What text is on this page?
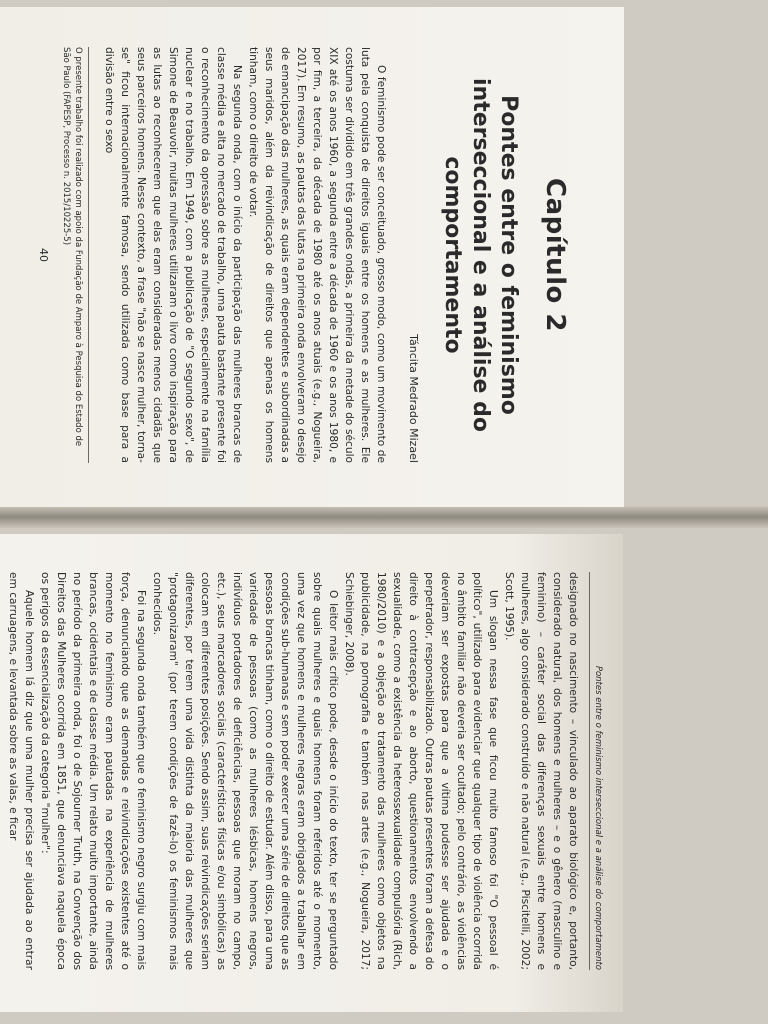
Capítulo 2
Pontes entre o feminismo
interseccional e a análise do
comportamento
Táncita Medrado Mizael

O feminismo pode ser conceituado, grosso modo, como um movimento de luta pela conquista de direitos iguais entre os homens e as mulheres. Ele costuma ser dividido em três grandes ondas, a primeira da metade do século XIX até os anos 1960, a segunda entre a década de 1960 e os anos 1980, e por fim, a terceira, da década de 1980 até os anos atuais (e.g., Nogueira, 2017). Em resumo, as pautas das lutas na primeira onda envolveram o desejo de emancipação das mulheres, as quais eram dependentes e subordinadas a seus maridos, além da reivindicação de direitos que apenas os homens tinham, como o direito de votar.

Na segunda onda, com o início da participação das mulheres brancas de classe média e alta no mercado de trabalho, uma pauta bastante presente foi o reconhecimento da opressão sobre as mulheres, especialmente na família nuclear e no trabalho. Em 1949, com a publicação de "O segundo sexo", de Simone de Beauvoir, muitas mulheres utilizaram o livro como inspiração para as lutas ao reconhecerem que elas eram consideradas menos cidadãs que seus parceiros homens. Nesse contexto, a frase "não se nasce mulher, torna-se" ficou internacionalmente famosa, sendo utilizada como base para a divisão entre o sexo

O presente trabalho foi realizado com apoio da Fundação de Amparo à Pesquisa do Estado de São Paulo (FAPESP, Processo n. 2015/10225-5)
40
Pontes entre o feminismo interseccional e a análise do comportamento

designado no nascimento – vinculado ao aparato biológico e, portanto, considerado natural, dos homens e mulheres – e o gênero (masculino e feminino) – caráter social das diferenças sexuais entre homens e mulheres, algo considerado construído e não natural (e.g., Piscitelli, 2002; Scott, 1995).

Um slogan nessa fase que ficou muito famoso foi "O pessoal é político", utilizado para evidenciar que qualquer tipo de violência ocorrida no âmbito familiar não deveria ser ocultado; pelo contrário, as violências deveriam ser expostas para que a vítima pudesse ser ajudada e o perpetrador, responsabilizado. Outras pautas presentes foram a defesa do direito à contracepção e ao aborto, questionamentos envolvendo a sexualidade, como a existência da heterossexualidade compulsória (Rich, 1980/2010) e a objeção ao tratamento das mulheres como objetos na publicidade, na pornografia e também nas artes (e.g., Nogueira, 2017; Schiebinger, 2008).

O leitor mais crítico pode, desde o início do texto, ter se perguntado sobre quais mulheres e quais homens foram referidos até o momento, uma vez que homens e mulheres negras eram obrigados a trabalhar em condições sub-humanas e sem poder exercer uma série de direitos que as pessoas brancas tinham, como o direito de estudar. Além disso, para uma variedade de pessoas (como as mulheres lésbicas, homens negros, indivíduos portadores de deficiências, pessoas que moram no campo, etc.), seus marcadores sociais (características físicas e/ou simbólicas) as colocam em diferentes posições. Sendo assim, suas reivindicações seriam diferentes, por terem uma vida distinta da maioria das mulheres que "protagonizaram" (por terem condições de fazê-lo) os feminismos mais conhecidos.

Foi na segunda onda também que o feminismo negro surgiu com mais força, denunciando que as demandas e reivindicações existentes até o momento no feminismo eram pautadas na experiência de mulheres brancas, ocidentais e de classe média. Um relato muito importante, ainda no período da primeira onda, foi o de Sojourner Truth, na Convenção dos Direitos das Mulheres ocorrida em 1851, que denunciava naquela época os perigos da essencialização da categoria "mulher":

Aquele homem lá diz que uma mulher precisa ser ajudada ao entrar em carruagens, e levantada sobre as valas, e ficar
